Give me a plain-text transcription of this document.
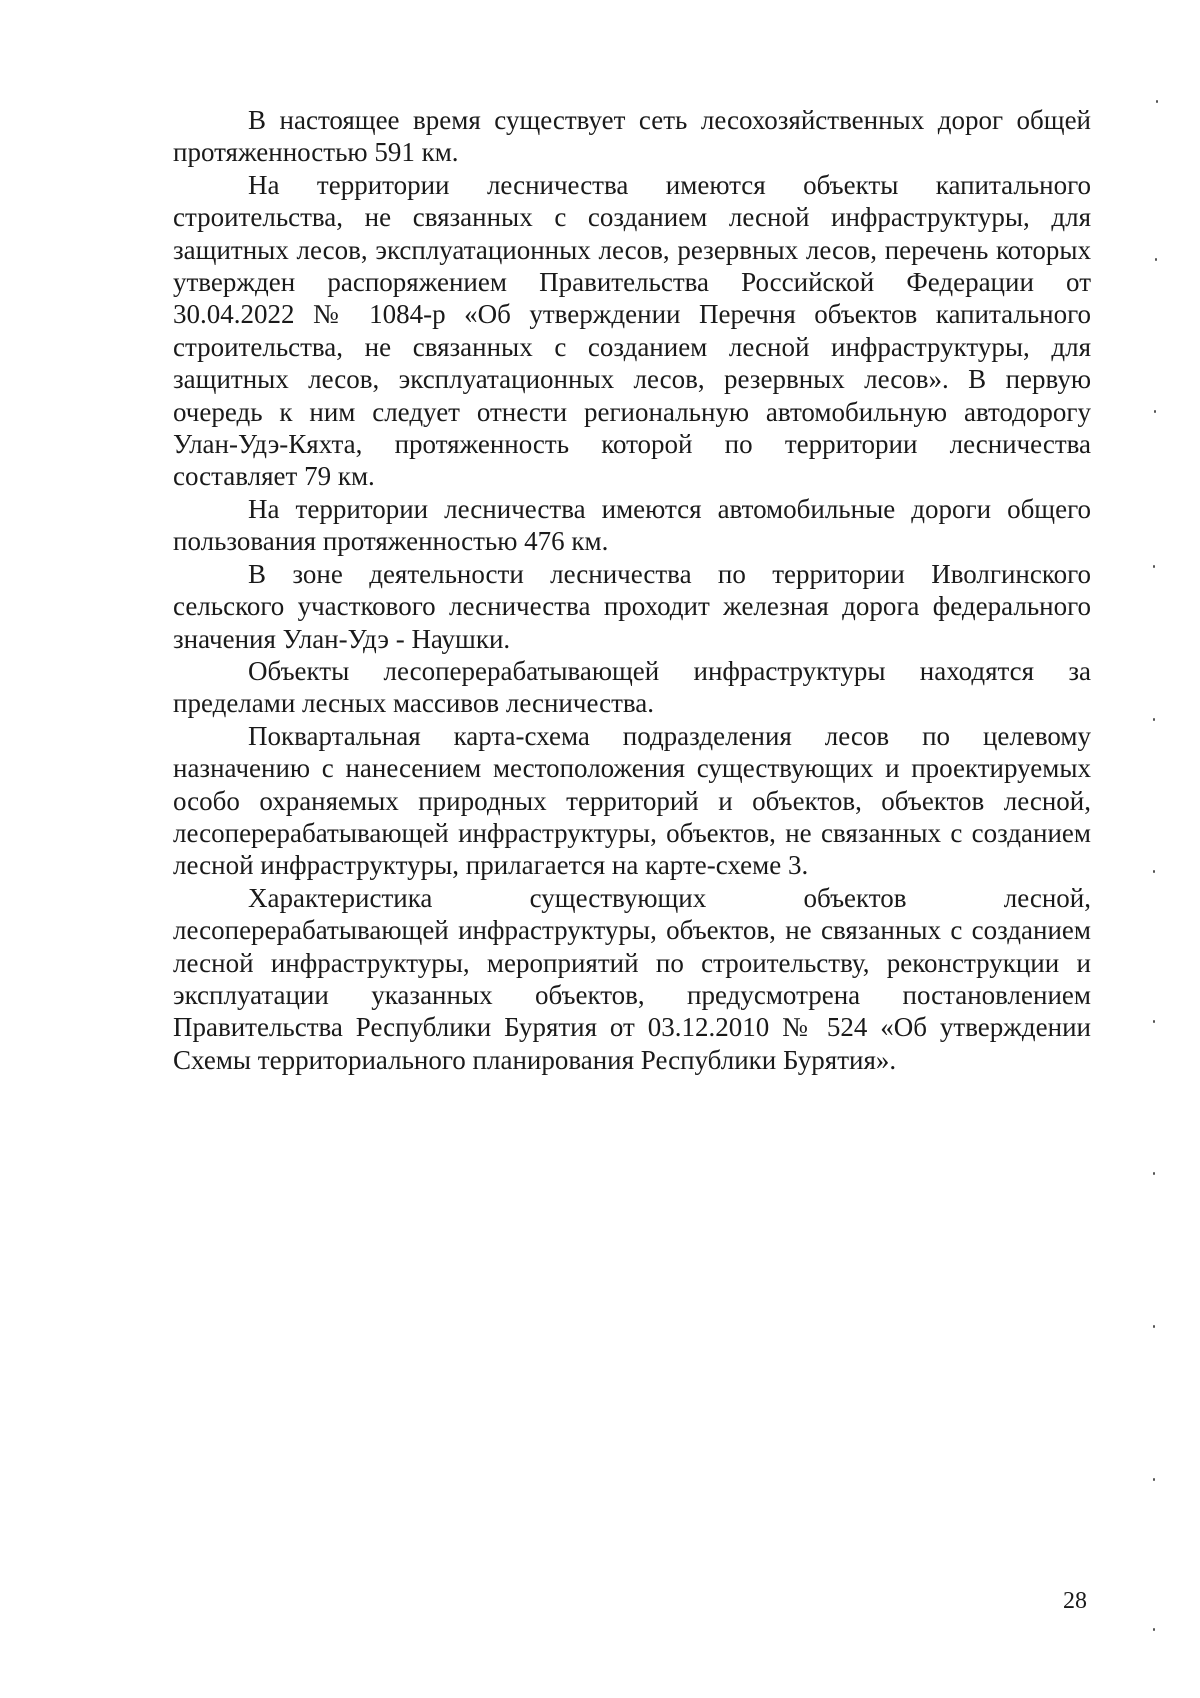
В настоящее время существует сеть лесохозяйственных дорог общей протяженностью 591 км.

На территории лесничества имеются объекты капитального строительства, не связанных с созданием лесной инфраструктуры, для защитных лесов, эксплуатационных лесов, резервных лесов, перечень которых утвержден распоряжением Правительства Российской Федерации от 30.04.2022 № 1084-р «Об утверждении Перечня объектов капитального строительства, не связанных с созданием лесной инфраструктуры, для защитных лесов, эксплуатационных лесов, резервных лесов». В первую очередь к ним следует отнести региональную автомобильную автодорогу Улан-Удэ-Кяхта, протяженность которой по территории лесничества составляет 79 км.

На территории лесничества имеются автомобильные дороги общего пользования протяженностью 476 км.

В зоне деятельности лесничества по территории Иволгинского сельского участкового лесничества проходит железная дорога федерального значения Улан-Удэ - Наушки.

Объекты лесоперерабатывающей инфраструктуры находятся за пределами лесных массивов лесничества.

Поквартальная карта-схема подразделения лесов по целевому назначению с нанесением местоположения существующих и проектируемых особо охраняемых природных территорий и объектов, объектов лесной, лесоперерабатывающей инфраструктуры, объектов, не связанных с созданием лесной инфраструктуры, прилагается на карте-схеме 3.

Характеристика существующих объектов лесной, лесоперерабатывающей инфраструктуры, объектов, не связанных с созданием лесной инфраструктуры, мероприятий по строительству, реконструкции и эксплуатации указанных объектов, предусмотрена постановлением Правительства Республики Бурятия от 03.12.2010 № 524 «Об утверждении Схемы территориального планирования Республики Бурятия».

28
